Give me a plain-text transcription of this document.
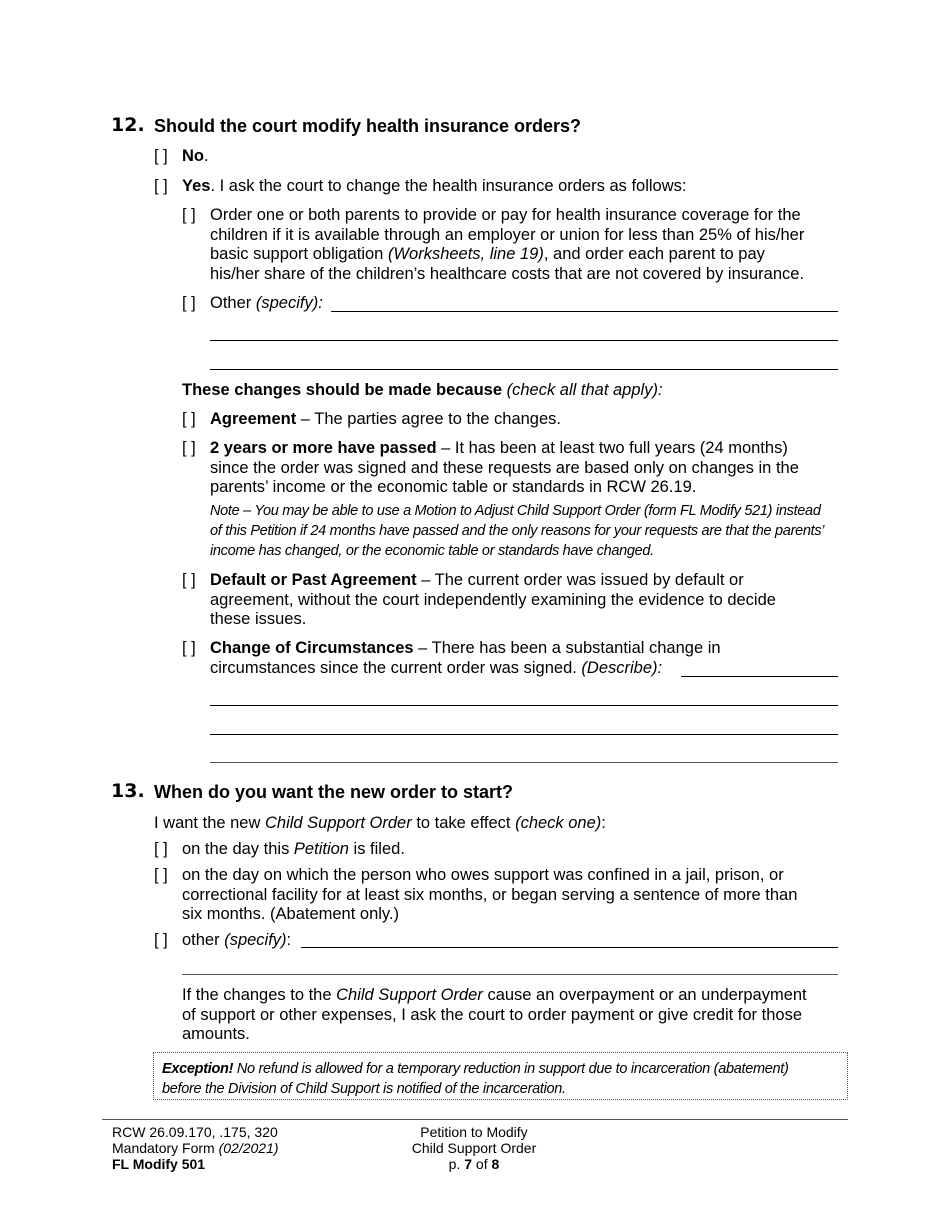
12. Should the court modify health insurance orders?
[ ] No.
[ ] Yes. I ask the court to change the health insurance orders as follows:
[ ] Order one or both parents to provide or pay for health insurance coverage for the
children if it is available through an employer or union for less than 25% of his/her
basic support obligation (Worksheets, line 19), and order each parent to pay
his/her share of the children’s healthcare costs that are not covered by insurance.
[ ] Other (specify):
These changes should be made because (check all that apply):
[ ] Agreement – The parties agree to the changes.
[ ] 2 years or more have passed – It has been at least two full years (24 months)
since the order was signed and these requests are based only on changes in the
parents’ income or the economic table or standards in RCW 26.19.
Note – You may be able to use a Motion to Adjust Child Support Order (form FL Modify 521) instead
of this Petition if 24 months have passed and the only reasons for your requests are that the parents’
income has changed, or the economic table or standards have changed.
[ ] Default or Past Agreement – The current order was issued by default or
agreement, without the court independently examining the evidence to decide
these issues.
[ ] Change of Circumstances – There has been a substantial change in
circumstances since the current order was signed. (Describe):
13. When do you want the new order to start?
I want the new Child Support Order to take effect (check one):
[ ] on the day this Petition is filed.
[ ] on the day on which the person who owes support was confined in a jail, prison, or
correctional facility for at least six months, or began serving a sentence of more than
six months. (Abatement only.)
[ ] other (specify):
If the changes to the Child Support Order cause an overpayment or an underpayment
of support or other expenses, I ask the court to order payment or give credit for those
amounts.
Exception! No refund is allowed for a temporary reduction in support due to incarceration (abatement)
before the Division of Child Support is notified of the incarceration.
RCW 26.09.170, .175, 320
Mandatory Form (02/2021)
FL Modify 501
Petition to Modify
Child Support Order
p. 7 of 8
